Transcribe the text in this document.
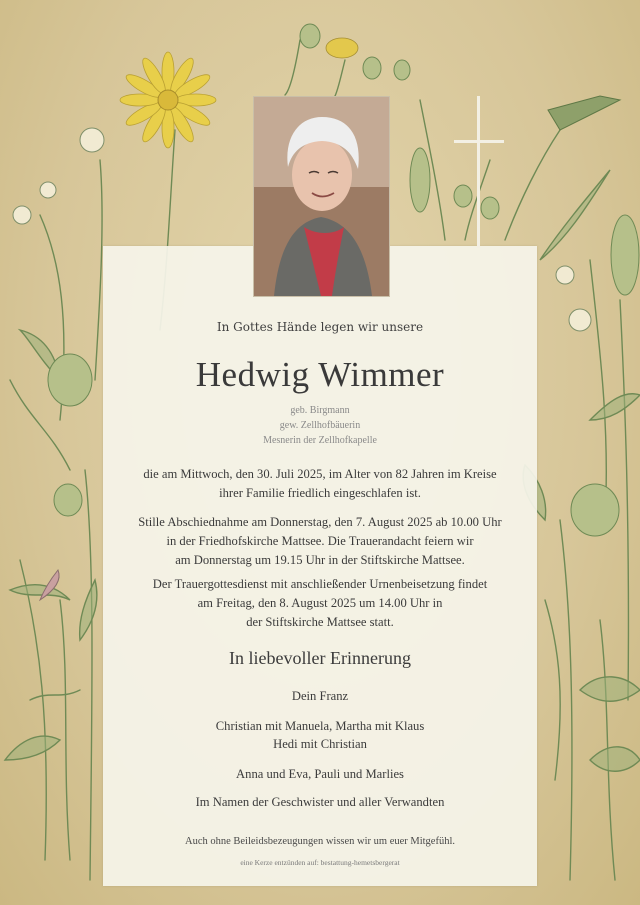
In Gottes Hände legen wir unsere
Hedwig Wimmer
geb. Birgmann
gew. Zellhofbäuerin
Mesnerin der Zellhofkapelle
die am Mittwoch, den 30. Juli 2025, im Alter von 82 Jahren im Kreise
ihrer Familie friedlich eingeschlafen ist.
Stille Abschiednahme am Donnerstag, den 7. August 2025 ab 10.00 Uhr
in der Friedhofskirche Mattsee. Die Trauerandacht feiern wir
am Donnerstag um 19.15 Uhr in der Stiftskirche Mattsee.
Der Trauergottesdienst mit anschließender Urnenbeisetzung findet
am Freitag, den 8. August 2025 um 14.00 Uhr in
der Stiftskirche Mattsee statt.
In liebevoller Erinnerung
Dein Franz
Christian mit Manuela, Martha mit Klaus
Hedi mit Christian
Anna und Eva, Pauli und Marlies
Im Namen der Geschwister und aller Verwandten
Auch ohne Beileidsbezeugungen wissen wir um euer Mitgefühl.
eine Kerze entzünden auf: bestattung-hemetsbergerat
